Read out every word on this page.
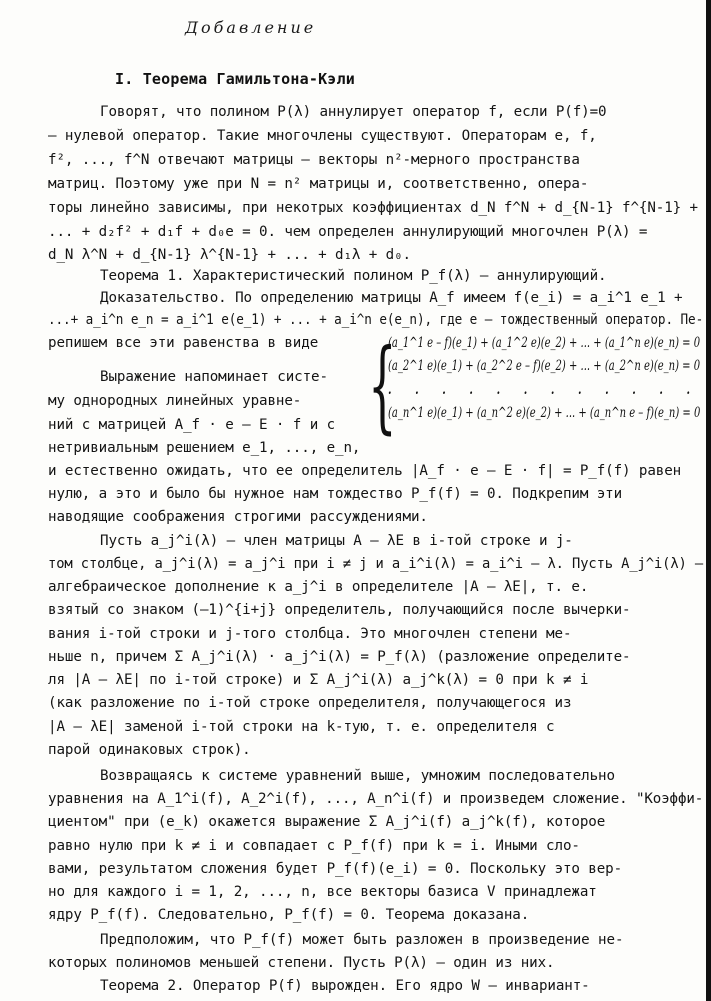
Добавление
I. Теорема Гамильтона-Кэли
Говорят, что полином P(λ) аннулирует оператор f, если P(f)=0
– нулевой оператор. Такие многочлены существуют. Операторам e, f,
f², ..., f^N отвечают матрицы – векторы n²-мерного пространства
матриц. Поэтому уже при N = n² матрицы и, соответственно, опера-
торы линейно зависимы, при некотрых коэффициентах d_N f^N + d_{N-1} f^{N-1} +
... + d₂f² + d₁f + d₀e = 0. чем определен аннулирующий многочлен P(λ) =
d_N λ^N + d_{N-1} λ^{N-1} + ... + d₁λ + d₀.
Теорема 1. Характеристический полином P_f(λ) – аннулирующий.
Доказательство. По определению матрицы A_f имеем f(e_i) = a_i^1 e_1 +
...+ a_i^n e_n = a_i^1 e(e_1) + ... + a_i^n e(e_n), где e – тождественный оператор. Пе-
репишем все эти равенства в виде
Выражение напоминает систе-
му однородных линейных уравне-
ний с матрицей A_f · e – E · f и с
нетривиальным решением e_1, ..., e_n,
и естественно ожидать, что ее определитель |A_f · e – E · f| = P_f(f) равен
нулю, а это и было бы нужное нам тождество P_f(f) = 0. Подкрепим эти
наводящие соображения строгими рассуждениями.
Пусть a_j^i(λ) – член матрицы A – λE в i-той строке и j-
том столбце, a_j^i(λ) = a_j^i при i ≠ j и a_i^i(λ) = a_i^i – λ. Пусть A_j^i(λ) –
алгебраическое дополнение к a_j^i в определителе |A – λE|, т. е.
взятый со знаком (–1)^{i+j} определитель, получающийся после вычерки-
вания i-той строки и j-того столбца. Это многочлен степени ме-
ньше n, причем Σ A_j^i(λ) · a_j^i(λ) = P_f(λ) (разложение определите-
ля |A – λE| по i-той строке) и Σ A_j^i(λ) a_j^k(λ) = 0 при k ≠ i
(как разложение по i-той строке определителя, получающегося из
|A – λE| заменой i-той строки на k-тую, т. е. определителя с
парой одинаковых строк).
Возвращаясь к системе уравнений выше, умножим последовательно
уравнения на A_1^i(f), A_2^i(f), ..., A_n^i(f) и произведем сложение. "Коэффи-
циентом" при (e_k) окажется выражение Σ A_j^i(f) a_j^k(f), которое
равно нулю при k ≠ i и совпадает с P_f(f) при k = i. Иными сло-
вами, результатом сложения будет P_f(f)(e_i) = 0. Поскольку это вер-
но для каждого i = 1, 2, ..., n, все векторы базиса V принадлежат
ядру P_f(f). Следовательно, P_f(f) = 0. Теорема доказана.
Предположим, что P_f(f) может быть разложен в произведение не-
которых полиномов меньшей степени. Пусть P(λ) – один из них.
Теорема 2. Оператор P(f) вырожден. Его ядро W – инвариант-
{
(a_1^1 e – f)(e_1) + (a_1^2 e)(e_2) + ... + (a_1^n e)(e_n) = 0
(a_2^1 e)(e_1) + (a_2^2 e – f)(e_2) + ... + (a_2^n e)(e_n) = 0
. . . . . . . . . . . .
(a_n^1 e)(e_1) + (a_n^2 e)(e_2) + ... + (a_n^n e – f)(e_n) = 0
